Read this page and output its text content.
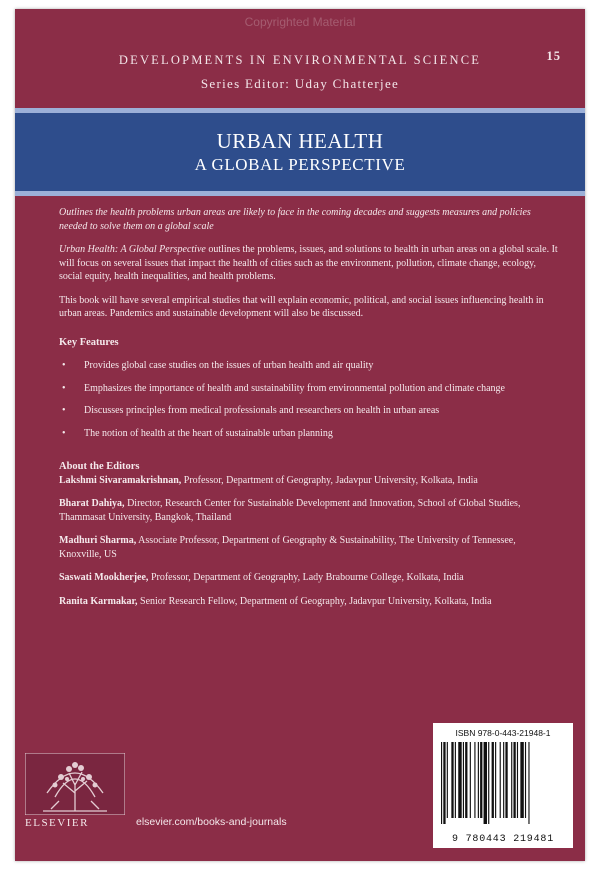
Copyrighted Material
DEVELOPMENTS IN ENVIRONMENTAL SCIENCE	15
Series Editor: Uday Chatterjee
URBAN HEALTH
A GLOBAL PERSPECTIVE

Outlines the health problems urban areas are likely to face in the coming decades and suggests measures and policies needed to solve them on a global scale

Urban Health: A Global Perspective outlines the problems, issues, and solutions to health in urban areas on a global scale. It will focus on several issues that impact the health of cities such as the environment, pollution, climate change, ecology, social equity, health inequalities, and health problems.

This book will have several empirical studies that will explain economic, political, and social issues influencing health in urban areas. Pandemics and sustainable development will also be discussed.

Key Features
• Provides global case studies on the issues of urban health and air quality
• Emphasizes the importance of health and sustainability from environmental pollution and climate change
• Discusses principles from medical professionals and researchers on health in urban areas
• The notion of health at the heart of sustainable urban planning
About the Editors

Lakshmi Sivaramakrishnan, Professor, Department of Geography, Jadavpur University, Kolkata, India

Bharat Dahiya, Director, Research Center for Sustainable Development and Innovation, School of Global Studies, Thammasat University, Bangkok, Thailand

Madhuri Sharma, Associate Professor, Department of Geography & Sustainability, The University of Tennessee, Knoxville, US

Saswati Mookherjee, Professor, Department of Geography, Lady Brabourne College, Kolkata, India

Ranita Karmakar, Senior Research Fellow, Department of Geography, Jadavpur University, Kolkata, India

ELSEVIER	elsevier.com/books-and-journals
ISBN 978-0-443-21948-1
9 780443 219481
